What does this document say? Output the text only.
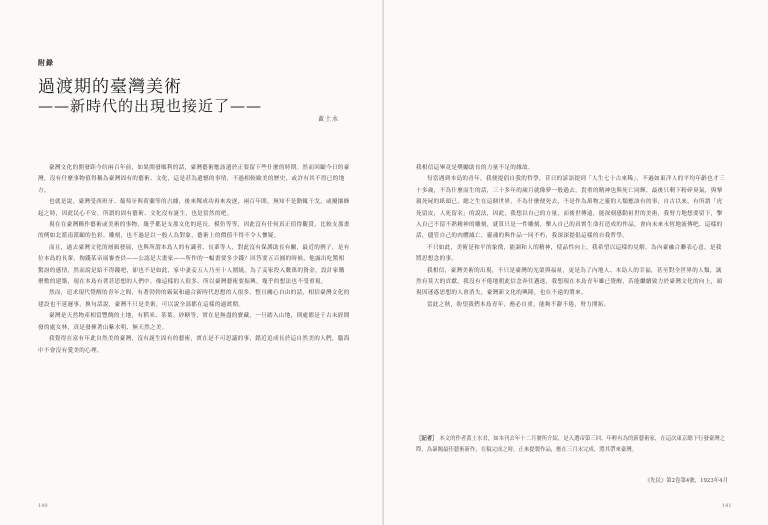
附錄
過渡期的臺灣美術
——新時代的出現也接近了——
黃土水

臺灣文化的開發距今約兩百年前，如果開發順利的話，臺灣藝術應該遺於正要留下些什麼的時期。然而回顧今日的臺灣，沒有什麼事物值得稱為臺灣固有的藝術、文化，這是甚為遺憾的事情，不過相較歐美的歷史，或許有其不得已的地方。

也就是說，臺灣受西班牙、葡萄牙與荷蘭等的占據，後來鄭成功再來攻逐，兩百年間，無知不是動輒干戈，或擾攘蜂起之時，因此民心不安，所謂的固有藝術、文化沒有誕生，也是當然的吧。

現在在臺灣稱作藝術或美術的事物，幾乎都是支那文化的延長，模仿等等，因此沒有任何真正值得觀賞、比較支那畫的例如北派南派顧的色彩、雕刻，也不過是以一般人為對象，藝術上的價值不得不令人懷疑。

而且，過去臺灣文化的層級發展，也與所謂本島人的有識者、長輩等人，對此沒有保護助長有關，最近的例子，是有位本島的長輩，掏錢某帝展審查員——公認是大畫家——所作的一幅畫要多少錢？回答要五百圓的時候，他露出吃驚相驚訝的感情，然而說是給不得錢吧，卻也不是如此，家中妻妾五人乃至十人圍繞，為了妾家投入數萬的資金，設計家購聚敷的建築，現在本島有著甚思想的人們中，像這樣的人很多，所以臺灣藝術要振興，幾乎的想法也不受重視。

然而，追求現代覺醒的青年之間，有著勃勃的霸氣和適合新時代思想的人很多，整且關心自由的話，相信臺灣文化的建設也不延遲事，換句話說，臺灣不只是美術，可以說全部都在這樣的過渡期。

臺灣是天然物產相當豐饒的土地，有稻米、茶葉、砂糖等，實在是無盡的寶藏，一旦踏入山地，則處都是千古未經開發的處女林，真是發揮著山紫水明、無天然之美。

我覺得在富有年此自然美的臺灣，沒有誕生固有的藝術，實在是不可思議的事，錯近追成長於這自然美的人們，腦海中不會沒有愛美的心理。

140

我相信這畢竟是獎勵助長的力量不足的緣故。

每當遇到本島的青年，我便提倡自我的哲學，昔日的諺語提到「人生七十古來稀」，不過如東洋人的平均年齡也才三十多歲，不為什麼而生的話，三十多年的歲月就像夢一般過去，貴重的精神也與死亡同輝，最後只剩下粉碎臭氣，與摯親死屍的紙頭已，總之生在這個世界，不為什麼便死去，不是作為萬物之靈的人類應該有的事，自古以來，有所謂「虎死留皮，人死留名」的說法，因此，我想以自己的方量，而後世傳遠，能深刻感動祖世的美術，我努力地想要留下，擊入自己不留不熟精神的雕刻，就算只是一件雕刻，擊入自己的真實生命打造成的作品，會向未來永恆地流傳吧，這樣的話，儘管自己的肉體滅亡，靈魂的與作品一同不朽，我深深提倡這樣的自我哲學。

不只如此，美術是和平的象徵，能調和人的精神，使品性向上，我希望以這樣的見解，為內臺融合聯表心意，是我將思想念的事。

我相信，臺灣美術的出現，不只是臺灣的光榮與福祉，更是為了內地人、本島人的幸福，甚至對全世界的人類，誠然有莫大的貢獻，我沒有不倦地朝此信念奔往邁進，我想現在本島青年雖已覺醒，若能繼續致力於臺灣文化的向上，頭現因迷惑思想的人會消失，臺灣新文化的興隆，也在不遠的將來。

當此之秋，盼望我們本島青年，務必自重，能夠不辭不倦，努力開拓。

［記者］ 本文的作者黃土水君，如本刊去年十二月號所介紹，是入選帝第三回、年輕有為的新藝術家，在這次東京總下行發臺灣之際，為暴闖最佳藝術新作，在稿完成之時，正來提製作品，應在三月末完成，將其帶來臺灣。
《先民》第2卷第4號，1923年4月
141
